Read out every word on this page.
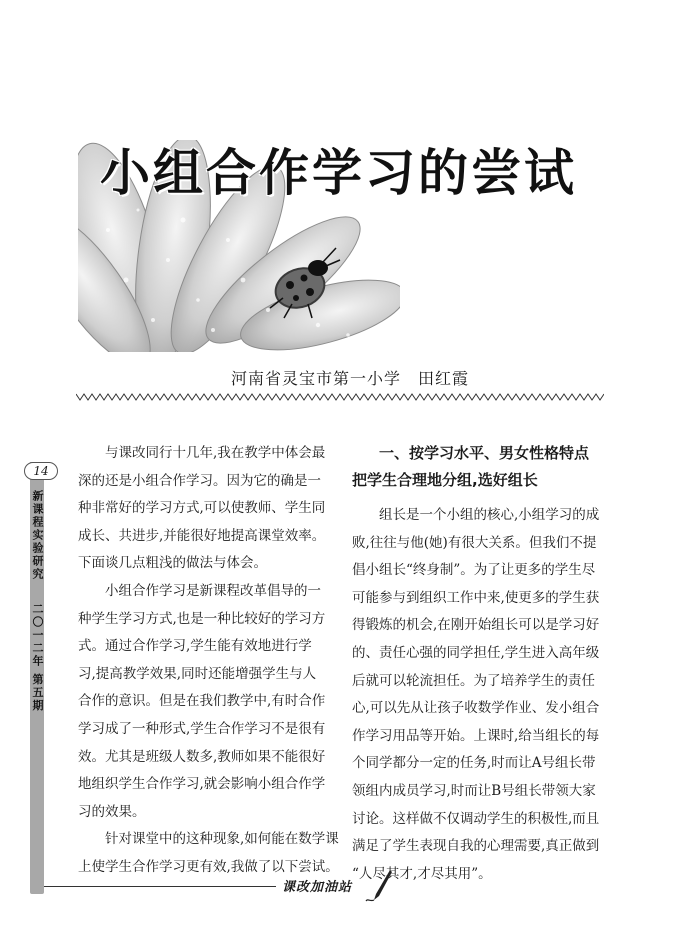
小组合作学习的尝试
河南省灵宝市第一小学　田红霞
14
新课程实验研究  二〇一二年 第五期
与课改同行十几年,我在教学中体会最
深的还是小组合作学习。因为它的确是一
种非常好的学习方式,可以使教师、学生同
成长、共进步,并能很好地提高课堂效率。
下面谈几点粗浅的做法与体会。
小组合作学习是新课程改革倡导的一
种学生学习方式,也是一种比较好的学习方
式。通过合作学习,学生能有效地进行学
习,提高教学效果,同时还能增强学生与人
合作的意识。但是在我们教学中,有时合作
学习成了一种形式,学生合作学习不是很有
效。尤其是班级人数多,教师如果不能很好
地组织学生合作学习,就会影响小组合作学
习的效果。
针对课堂中的这种现象,如何能在数学课
上使学生合作学习更有效,我做了以下尝试。
一、按学习水平、男女性格特点
把学生合理地分组,选好组长
组长是一个小组的核心,小组学习的成
败,往往与他(她)有很大关系。但我们不提
倡小组长“终身制”。为了让更多的学生尽
可能参与到组织工作中来,使更多的学生获
得锻炼的机会,在刚开始组长可以是学习好
的、责任心强的同学担任,学生进入高年级
后就可以轮流担任。为了培养学生的责任
心,可以先从让孩子收数学作业、发小组合
作学习用品等开始。上课时,给当组长的每
个同学都分一定的任务,时而让A号组长带
领组内成员学习,时而让B号组长带领大家
讨论。这样做不仅调动学生的积极性,而且
满足了学生表现自我的心理需要,真正做到
“人尽其才,才尽其用”。
课改加油站
